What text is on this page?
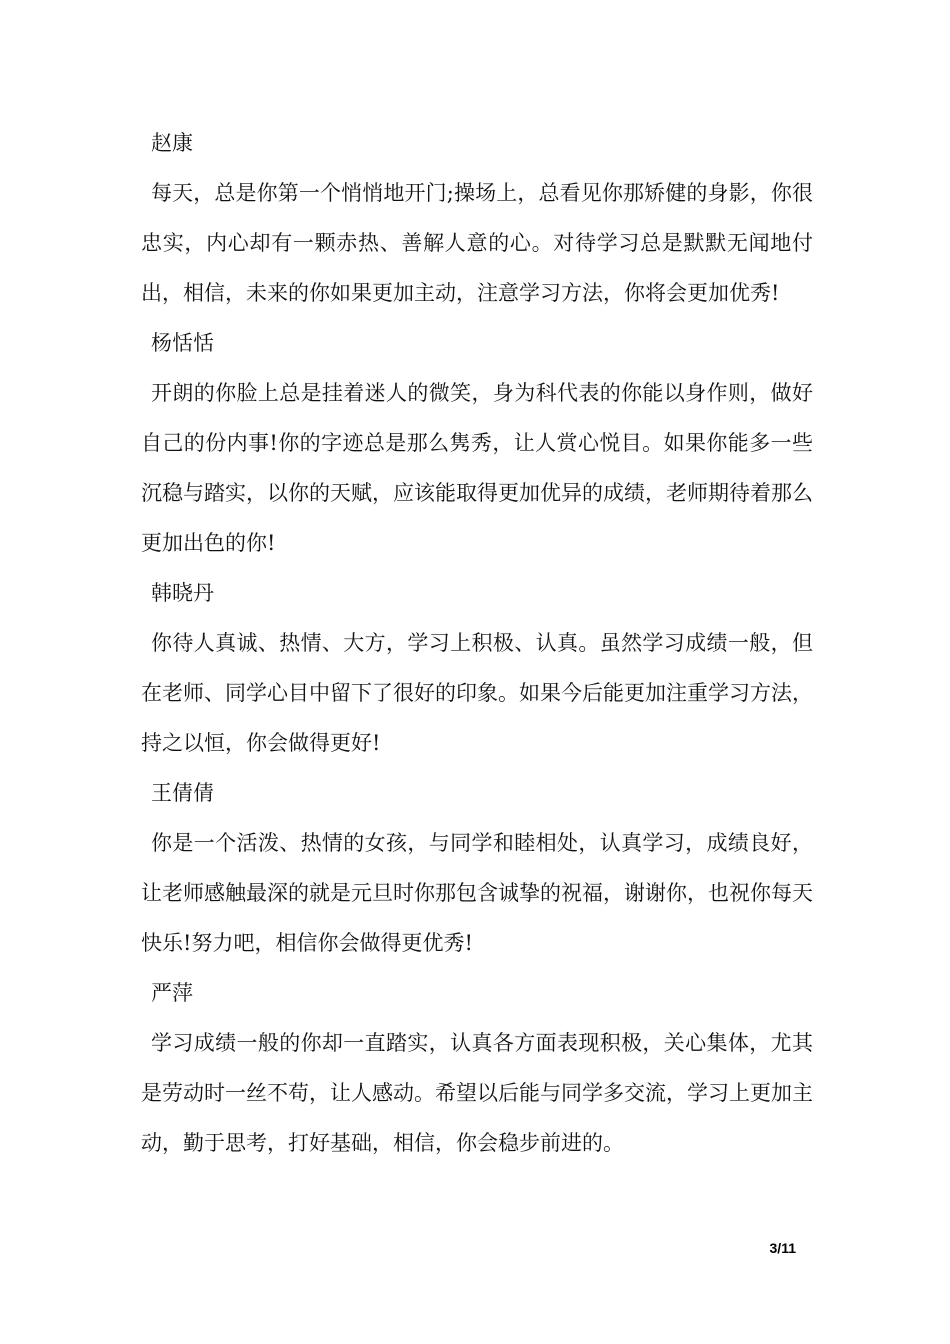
赵康
每天，总是你第一个悄悄地开门;操场上，总看见你那矫健的身影，你很忠实，内心却有一颗赤热、善解人意的心。对待学习总是默默无闻地付出，相信，未来的你如果更加主动，注意学习方法，你将会更加优秀!
杨恬恬
开朗的你脸上总是挂着迷人的微笑，身为科代表的你能以身作则，做好自己的份内事!你的字迹总是那么隽秀，让人赏心悦目。如果你能多一些沉稳与踏实，以你的天赋，应该能取得更加优异的成绩，老师期待着那么更加出色的你!
韩晓丹
你待人真诚、热情、大方，学习上积极、认真。虽然学习成绩一般，但在老师、同学心目中留下了很好的印象。如果今后能更加注重学习方法，持之以恒，你会做得更好!
王倩倩
你是一个活泼、热情的女孩，与同学和睦相处，认真学习，成绩良好，让老师感触最深的就是元旦时你那包含诚挚的祝福，谢谢你，也祝你每天快乐!努力吧，相信你会做得更优秀!
严萍
学习成绩一般的你却一直踏实，认真各方面表现积极，关心集体，尤其是劳动时一丝不苟，让人感动。希望以后能与同学多交流，学习上更加主动，勤于思考，打好基础，相信，你会稳步前进的。
3/11
